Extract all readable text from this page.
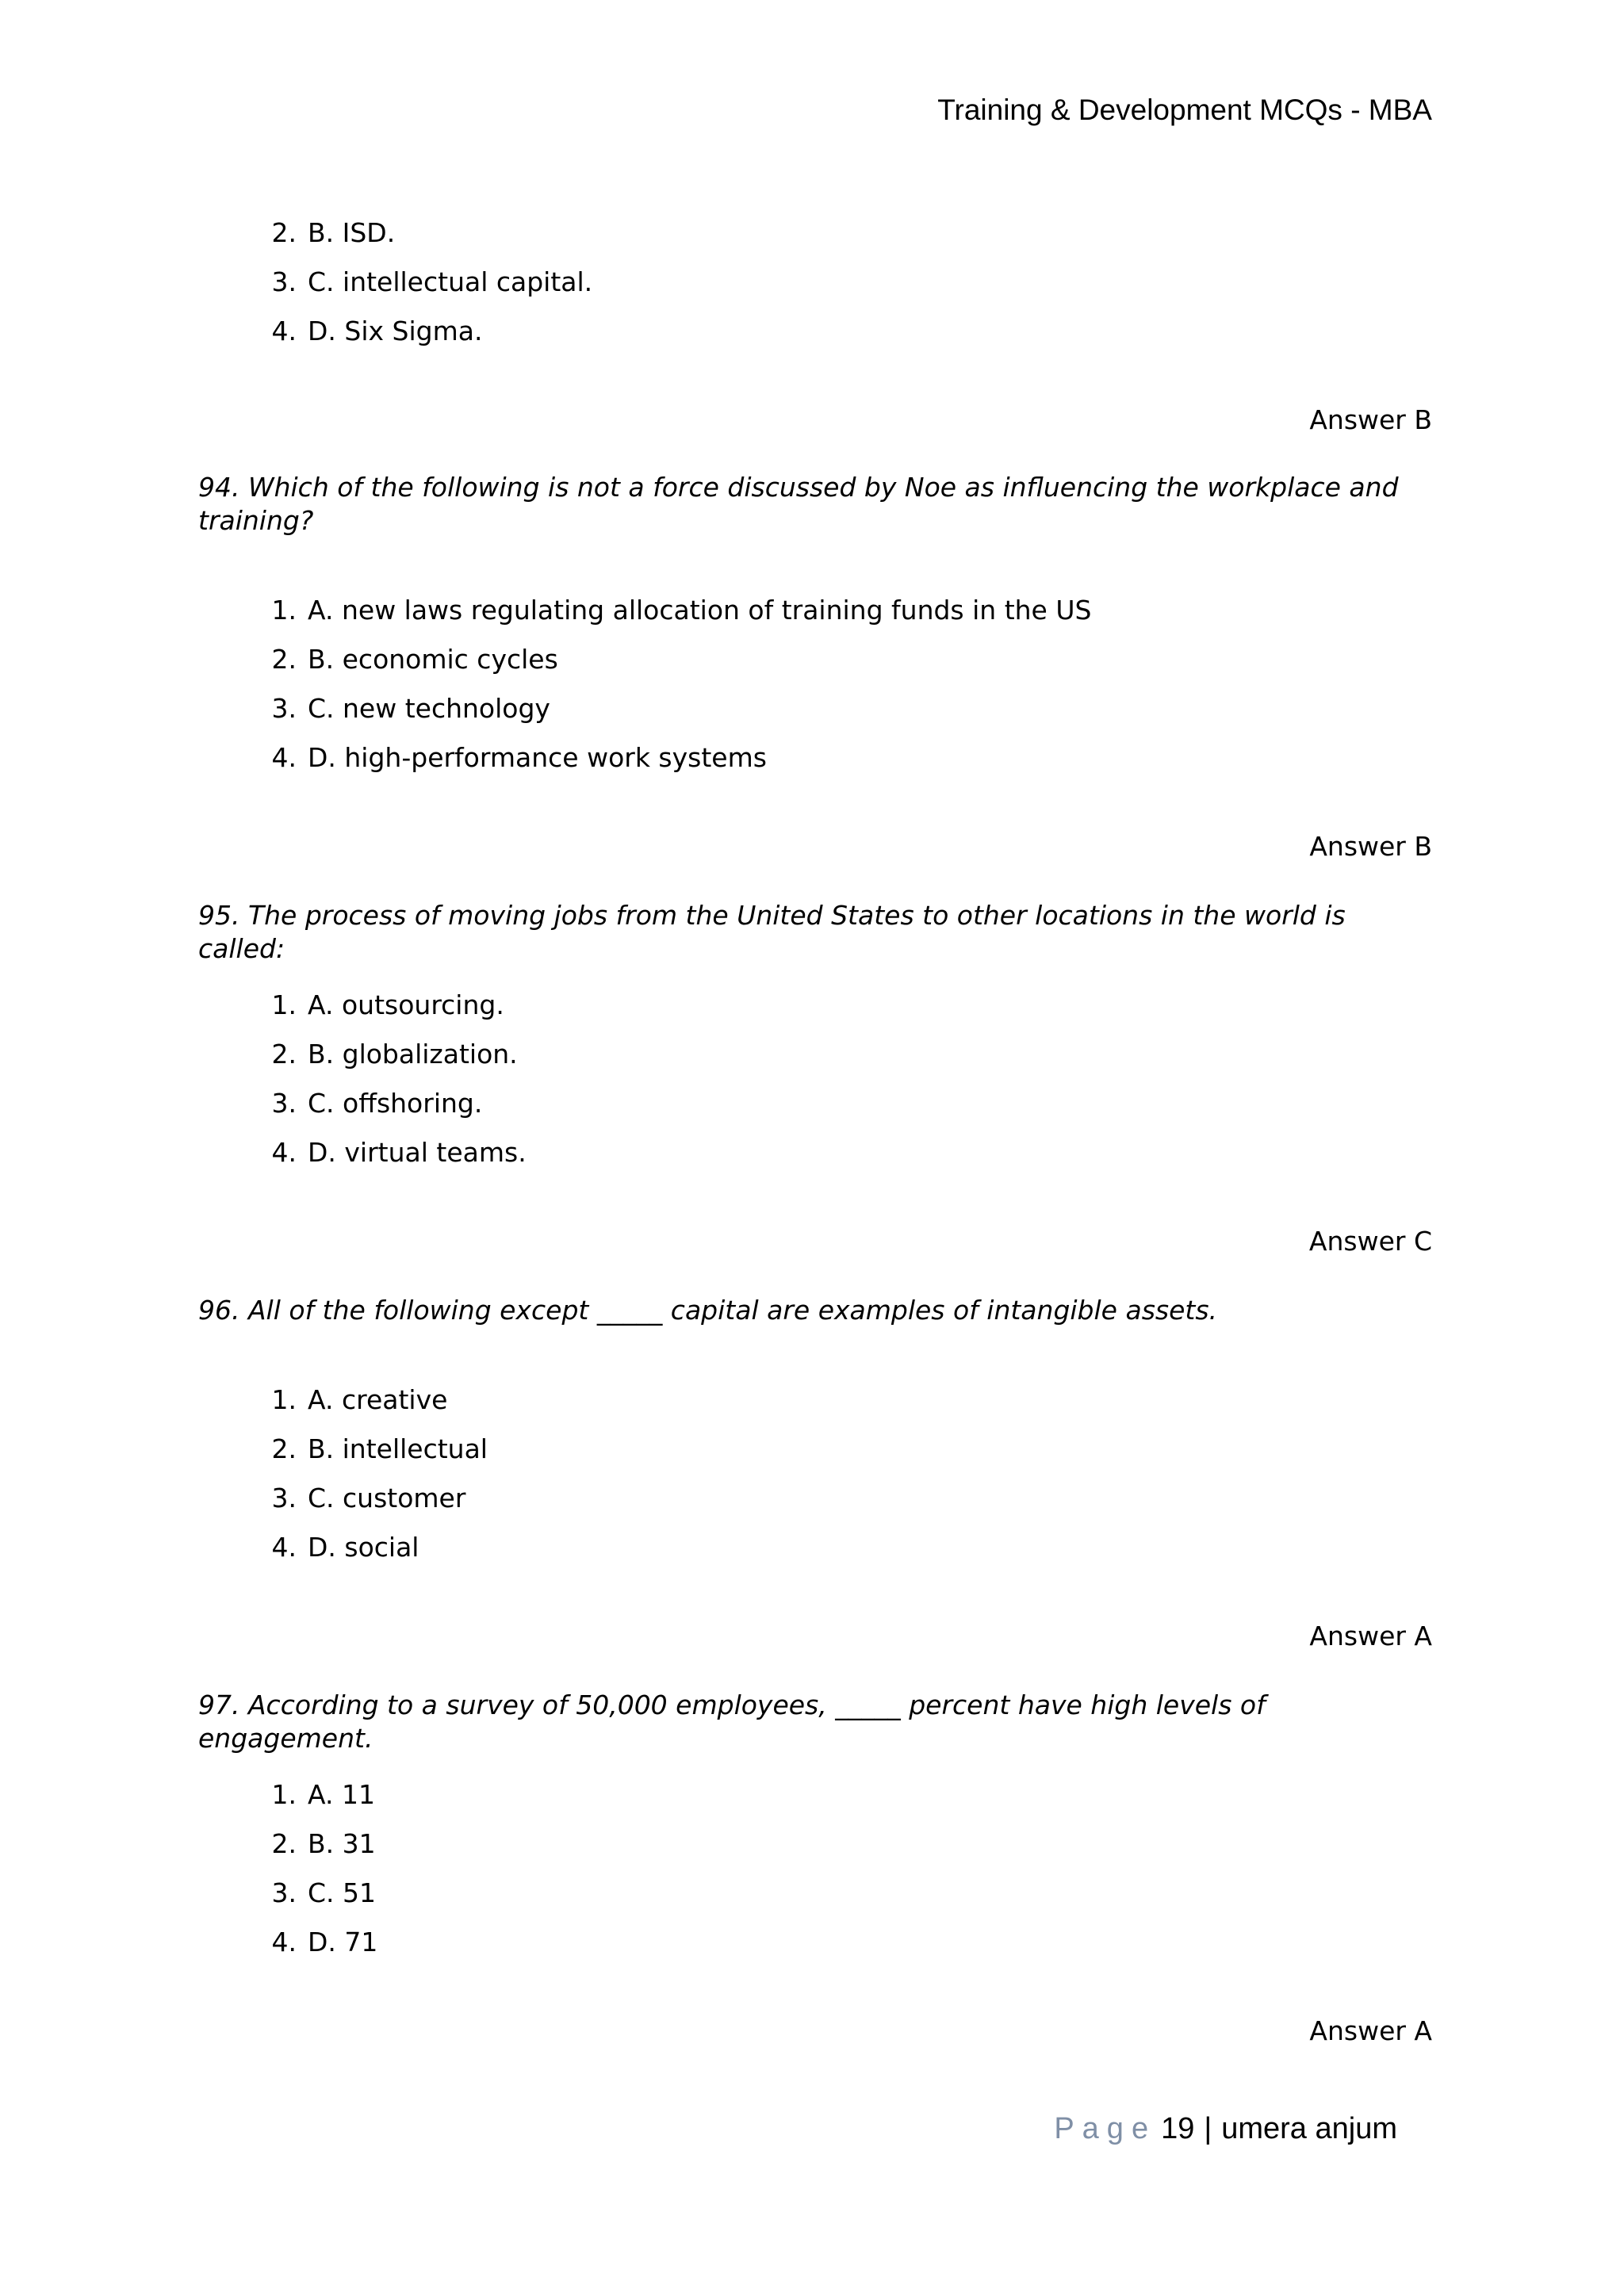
Training & Development MCQs - MBA
2. B. ISD.
3. C. intellectual capital.
4. D. Six Sigma.
Answer B
94. Which of the following is not a force discussed by Noe as influencing the workplace and training?
1. A. new laws regulating allocation of training funds in the US
2. B. economic cycles
3. C. new technology
4. D. high-performance work systems
Answer B
95. The process of moving jobs from the United States to other locations in the world is called:
1. A. outsourcing.
2. B. globalization.
3. C. offshoring.
4. D. virtual teams.
Answer C
96. All of the following except _____ capital are examples of intangible assets.
1. A. creative
2. B. intellectual
3. C. customer
4. D. social
Answer A
97. According to a survey of 50,000 employees, _____ percent have high levels of engagement.
1. A. 11
2. B. 31
3. C. 51
4. D. 71
Answer A
Page 19 | umera anjum
